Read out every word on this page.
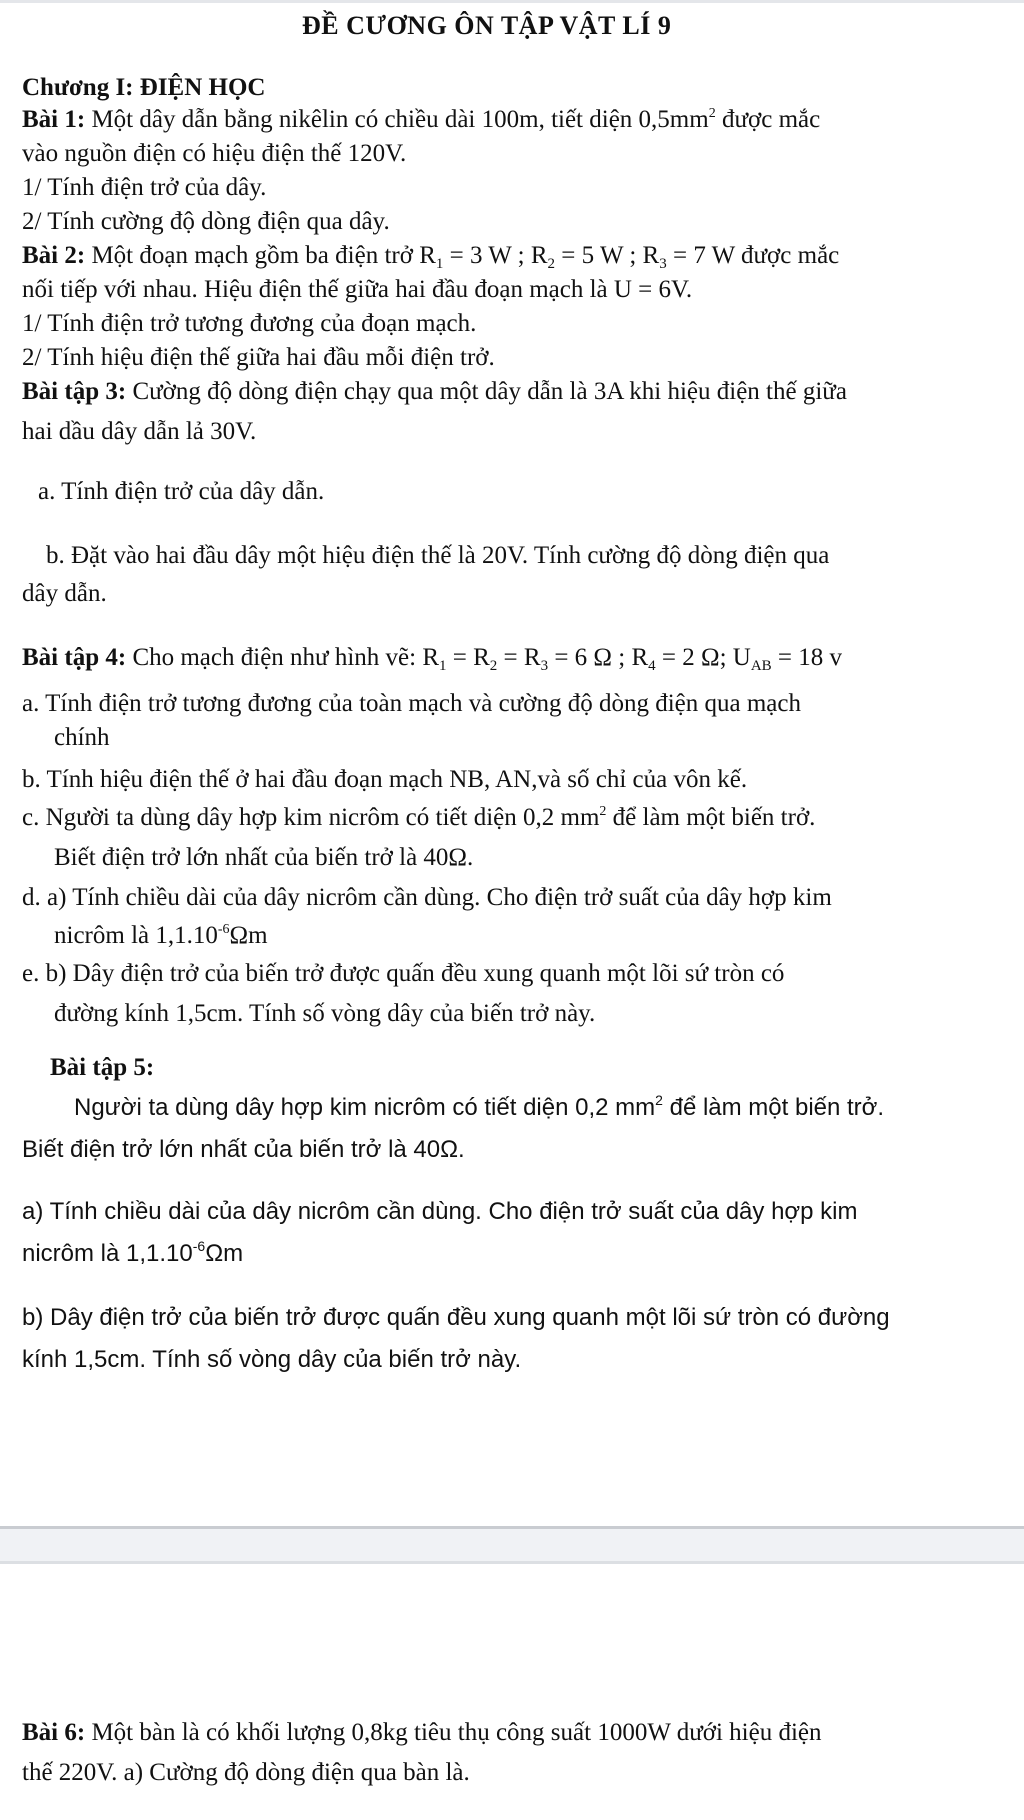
ĐỀ CƯƠNG ÔN TẬP VẬT LÍ 9
Chương I: ĐIỆN HỌC
Bài 1: Một dây dẫn bằng nikêlin có chiều dài 100m, tiết diện $0,5mm^2$ được mắc
vào nguồn điện có hiệu điện thế 120V.
1/ Tính điện trở của dây.
2/ Tính cường độ dòng điện qua dây.
Bài 2: Một đoạn mạch gồm ba điện trở $R_1 = 3$ W ; $R_2 = 5$ W ; $R_3 = 7$ W được mắc
nối tiếp với nhau. Hiệu điện thế giữa hai đầu đoạn mạch là U = 6V.
1/ Tính điện trở tương đương của đoạn mạch.
2/ Tính hiệu điện thế giữa hai đầu mỗi điện trở.
Bài tập 3: Cường độ dòng điện chạy qua một dây dẫn là 3A khi hiệu điện thế giữa
hai dầu dây dẫn lả 30V.
a. Tính điện trở của dây dẫn.
b. Đặt vào hai đầu dây một hiệu điện thế là 20V. Tính cường độ dòng điện qua
dây dẫn.
Bài tập 4: Cho mạch điện như hình vẽ: $R_1 = R_2 = R_3 = 6$ Ω ; $R_4 = 2$ Ω; $U_{AB} = 18$ v
a. Tính điện trở tương đương của toàn mạch và cường độ dòng điện qua mạch
chính
b. Tính hiệu điện thế ở hai đầu đoạn mạch NB, AN,và số chỉ của vôn kế.
c. Người ta dùng dây hợp kim nicrôm có tiết diện 0,2 $mm^2$ để làm một biến trở.
Biết điện trở lớn nhất của biến trở là 40Ω.
d. a) Tính chiều dài của dây nicrôm cần dùng. Cho điện trở suất của dây hợp kim
nicrôm là $1,1.10^{-6}\Omega m$
e. b) Dây điện trở của biến trở được quấn đều xung quanh một lõi sứ tròn có
đường kính 1,5cm. Tính số vòng dây của biến trở này.
Bài tập 5:
Người ta dùng dây hợp kim nicrôm có tiết diện 0,2 $mm^2$ để làm một biến trở.
Biết điện trở lớn nhất của biến trở là 40Ω.
a) Tính chiều dài của dây nicrôm cần dùng. Cho điện trở suất của dây hợp kim
nicrôm là $1,1.10^{-6}\Omega m$
b) Dây điện trở của biến trở được quấn đều xung quanh một lõi sứ tròn có đường
kính 1,5cm. Tính số vòng dây của biến trở này.
Bài 6: Một bàn là có khối lượng 0,8kg tiêu thụ công suất 1000W dưới hiệu điện
thế 220V. a) Cường độ dòng điện qua bàn là.
